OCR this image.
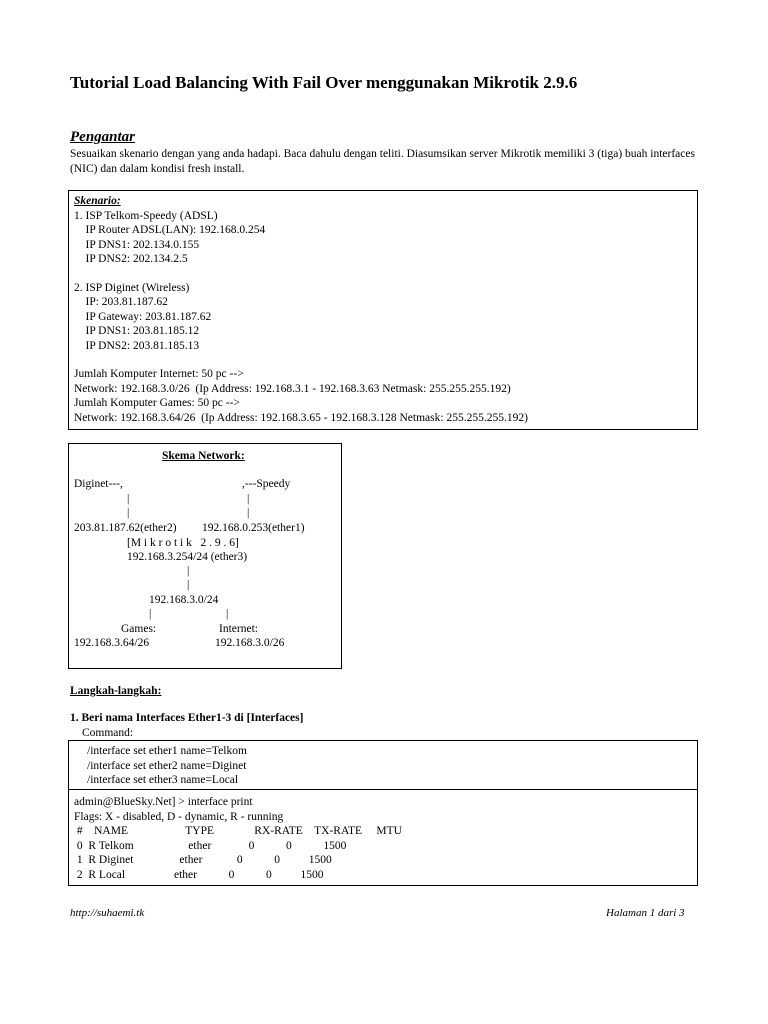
Tutorial Load Balancing With Fail Over menggunakan Mikrotik 2.9.6
Pengantar
Sesuaikan skenario dengan yang anda hadapi. Baca dahulu dengan teliti. Diasumsikan server Mikrotik memiliki 3 (tiga) buah interfaces (NIC) dan dalam kondisi fresh install.
Skenario:
1. ISP Telkom-Speedy (ADSL)
IP Router ADSL(LAN): 192.168.0.254
IP DNS1: 202.134.0.155
IP DNS2: 202.134.2.5
2. ISP Diginet (Wireless)
IP: 203.81.187.62
IP Gateway: 203.81.187.62
IP DNS1: 203.81.185.12
IP DNS2: 203.81.185.13
Jumlah Komputer Internet: 50 pc -->
Network: 192.168.3.0/26  (Ip Address: 192.168.3.1 - 192.168.3.63 Netmask: 255.255.255.192)
Jumlah Komputer Games: 50 pc -->
Network: 192.168.3.64/26  (Ip Address: 192.168.3.65 - 192.168.3.128 Netmask: 255.255.255.192)
Skema Network:
Diginet---,	,---Speedy
|	|
|	|
203.81.187.62(ether2) 192.168.0.253(ether1)
[M i k r o t i k   2 . 9 . 6]
192.168.3.254/24 (ether3)
|
|
192.168.3.0/24
|	|
Games:	Internet:
192.168.3.64/26	192.168.3.0/26
Langkah-langkah:
1. Beri nama Interfaces Ether1-3 di [Interfaces]
Command:
/interface set ether1 name=Telkom
/interface set ether2 name=Diginet
/interface set ether3 name=Local
admin@BlueSky.Net] > interface print
Flags: X - disabled, D - dynamic, R - running
#    NAME                    TYPE              RX-RATE    TX-RATE     MTU
0  R Telkom                   ether             0           0           1500
1  R Diginet                ether            0           0          1500
2  R Local                 ether           0           0          1500
http://suhaemi.tk	Halaman 1 dari 3
